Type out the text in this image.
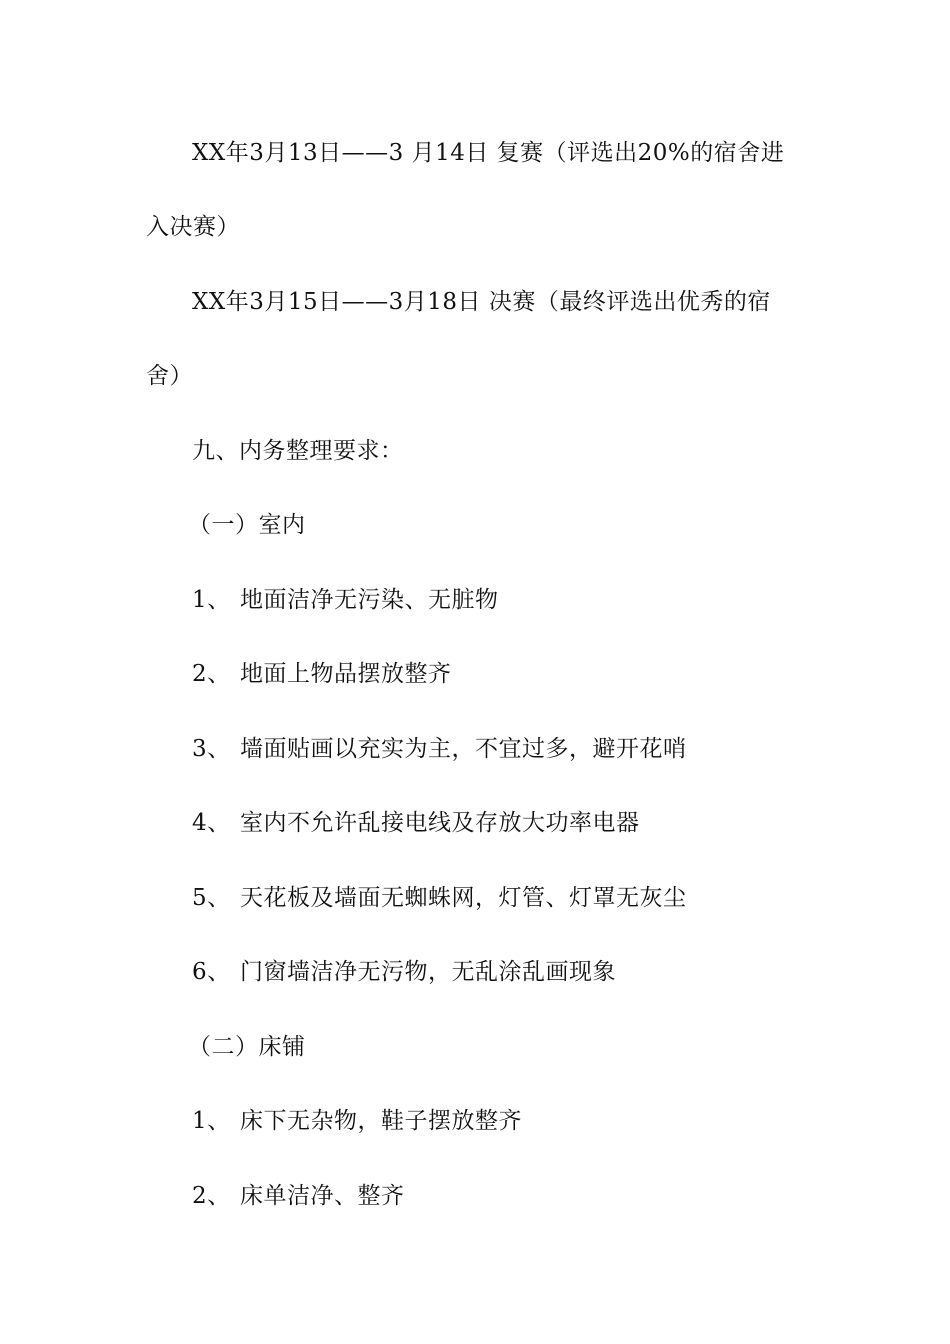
XX年3月13日——3 月14日 复赛（评选出20%的宿舍进
入决赛）
XX年3月15日——3月18日 决赛（最终评选出优秀的宿
舍）
九、内务整理要求：
（一）室内
1、 地面洁净无污染、无脏物
2、 地面上物品摆放整齐
3、 墙面贴画以充实为主，不宜过多，避开花哨
4、 室内不允许乱接电线及存放大功率电器
5、 天花板及墙面无蜘蛛网，灯管、灯罩无灰尘
6、 门窗墙洁净无污物，无乱涂乱画现象
（二）床铺
1、 床下无杂物，鞋子摆放整齐
2、 床单洁净、整齐
